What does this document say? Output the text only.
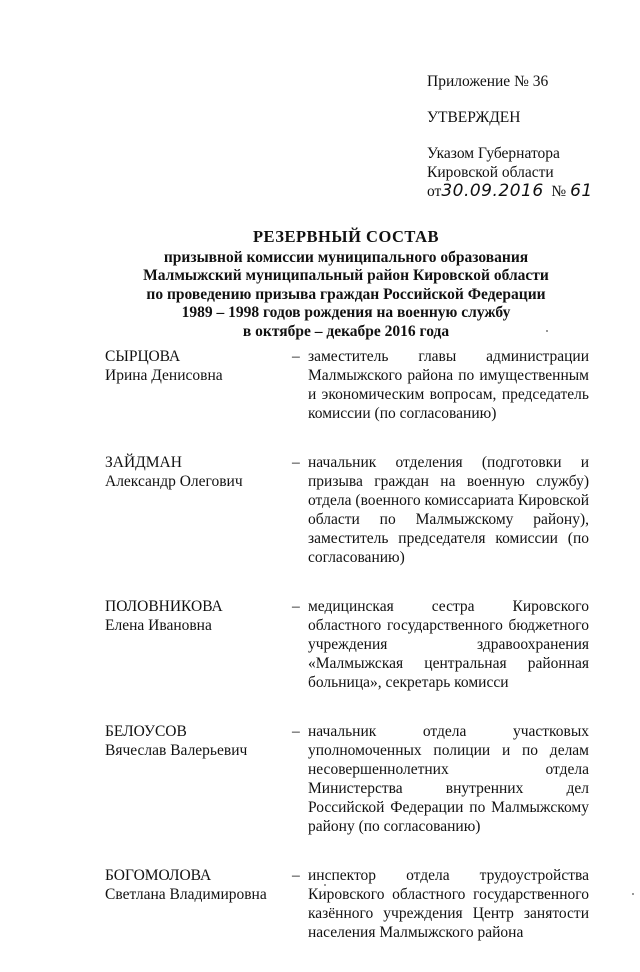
Приложение № 36
УТВЕРЖДЕН
Указом Губернатора
Кировской области
от30.09.2016 № 61
РЕЗЕРВНЫЙ СОСТАВ
призывной комиссии муниципального образования
Малмыжский муниципальный район Кировской области
по проведению призыва граждан Российской Федерации
1989 – 1998 годов рождения на военную службу
в октябре – декабре 2016 года
СЫРЦОВА
Ирина Денисовна
– заместитель главы администрации Малмыжского района по имущественным и экономическим вопросам, председатель комиссии (по согласованию)
ЗАЙДМАН
Александр Олегович
– начальник отделения (подготовки и призыва граждан на военную службу) отдела (военного комиссариата Кировской области по Малмыжскому району), заместитель председателя комиссии (по согласованию)
ПОЛОВНИКОВА
Елена Ивановна
– медицинская сестра Кировского областного государственного бюджетного учреждения здравоохранения «Малмыжская центральная районная больница», секретарь комисси
БЕЛОУСОВ
Вячеслав Валерьевич
– начальник отдела участковых уполномоченных полиции и по делам несовершеннолетних отдела Министерства внутренних дел Российской Федерации по Малмыжскому району (по согласованию)
БОГОМОЛОВА
Светлана Владимировна
– инспектор отдела трудоустройства Кировского областного государственного казённого учреждения Центр занятости населения Малмыжского района
